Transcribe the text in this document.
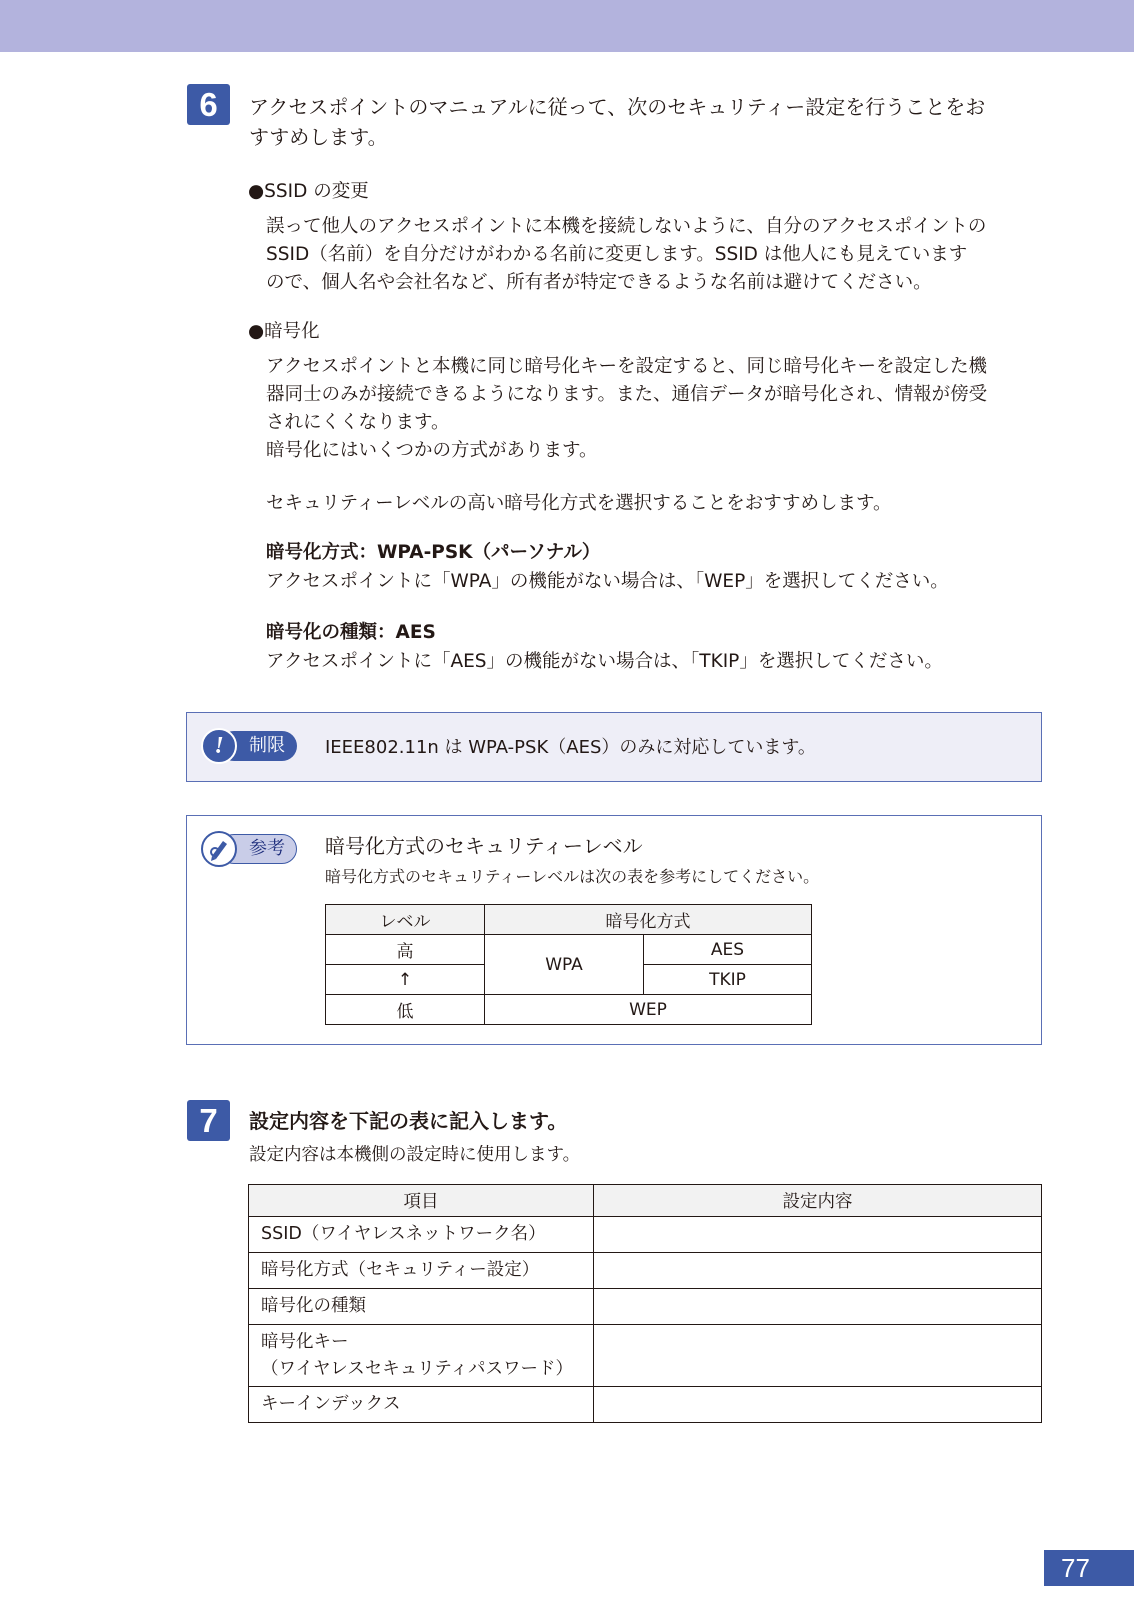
6	アクセスポイントのマニュアルに従って、次のセキュリティー設定を行うことをお
すすめします。
●SSID の変更

誤って他人のアクセスポイントに本機を接続しないように、自分のアクセスポイントの

SSID（名前）を自分だけがわかる名前に変更します。SSID は他人にも見えています

ので、個人名や会社名など、所有者が特定できるような名前は避けてください。

●暗号化

アクセスポイントと本機に同じ暗号化キーを設定すると、同じ暗号化キーを設定した機

器同士のみが接続できるようになります。また、通信データが暗号化され、情報が傍受

されにくくなります。

暗号化にはいくつかの方式があります。

セキュリティーレベルの高い暗号化方式を選択することをおすすめします。
暗号化方式：WPA-PSK（パーソナル）
アクセスポイントに「WPA」の機能がない場合は、「WEP」を選択してください。
暗号化の種類：AES
アクセスポイントに「AES」の機能がない場合は、「TKIP」を選択してください。
制限
!	IEEE802.11n は WPA-PSK（AES）のみに対応しています。
参考	暗号化方式のセキュリティーレベル
暗号化方式のセキュリティーレベルは次の表を参考にしてください。
レベル	暗号化方式	
高	WPA	AES
↑		TKIP
低	WEP	
7	設定内容を下記の表に記入します。
設定内容は本機側の設定時に使用します。
項目	設定内容
SSID（ワイヤレスネットワーク名）	
暗号化方式（セキュリティー設定）	
暗号化の種類	

暗号化キー
（ワイヤレスセキュリティパスワード）	

キーインデックス	
77
